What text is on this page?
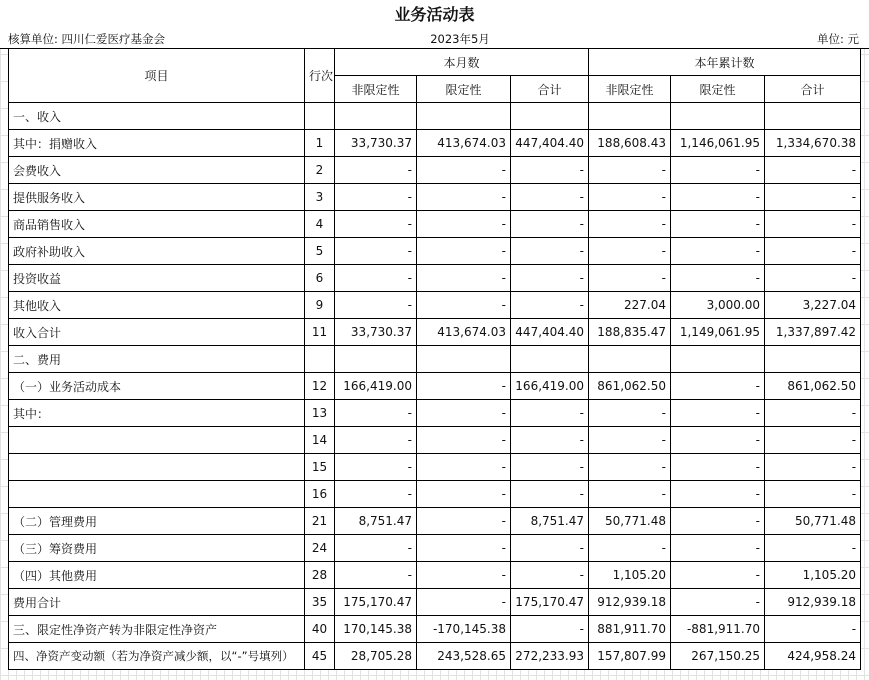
业务活动表
核算单位: 四川仁爱医疗基金会	2023年5月	单位: 元
项目	行次	本月数			本年累计数		
		非限定性	限定性	合计	非限定性	限定性	合计
一、收入							
其中：捐赠收入	1	33,730.37	413,674.03	447,404.40	188,608.43	1,146,061.95	1,334,670.38
会费收入	2	-	-	-	-	-	-
提供服务收入	3	-	-	-	-	-	-
商品销售收入	4	-	-	-	-	-	-
政府补助收入	5	-	-	-	-	-	-
投资收益	6	-	-	-	-	-	-
其他收入	9	-	-	-	227.04	3,000.00	3,227.04
收入合计	11	33,730.37	413,674.03	447,404.40	188,835.47	1,149,061.95	1,337,897.42
二、费用							
（一）业务活动成本	12	166,419.00	-	166,419.00	861,062.50	-	861,062.50
其中：	13	-	-	-	-	-	-
	14	-	-	-	-	-	-
	15	-	-	-	-	-	-
	16	-	-	-	-	-	-
（二）管理费用	21	8,751.47	-	8,751.47	50,771.48	-	50,771.48
（三）筹资费用	24	-	-	-	-	-	-
（四）其他费用	28	-	-	-	1,105.20	-	1,105.20
费用合计	35	175,170.47	-	175,170.47	912,939.18	-	912,939.18
三、限定性净资产转为非限定性净资产	40	170,145.38	-170,145.38	-	881,911.70	-881,911.70	-
四、净资产变动额（若为净资产减少额，以“-”号填列）	45	28,705.28	243,528.65	272,233.93	157,807.99	267,150.25	424,958.24
